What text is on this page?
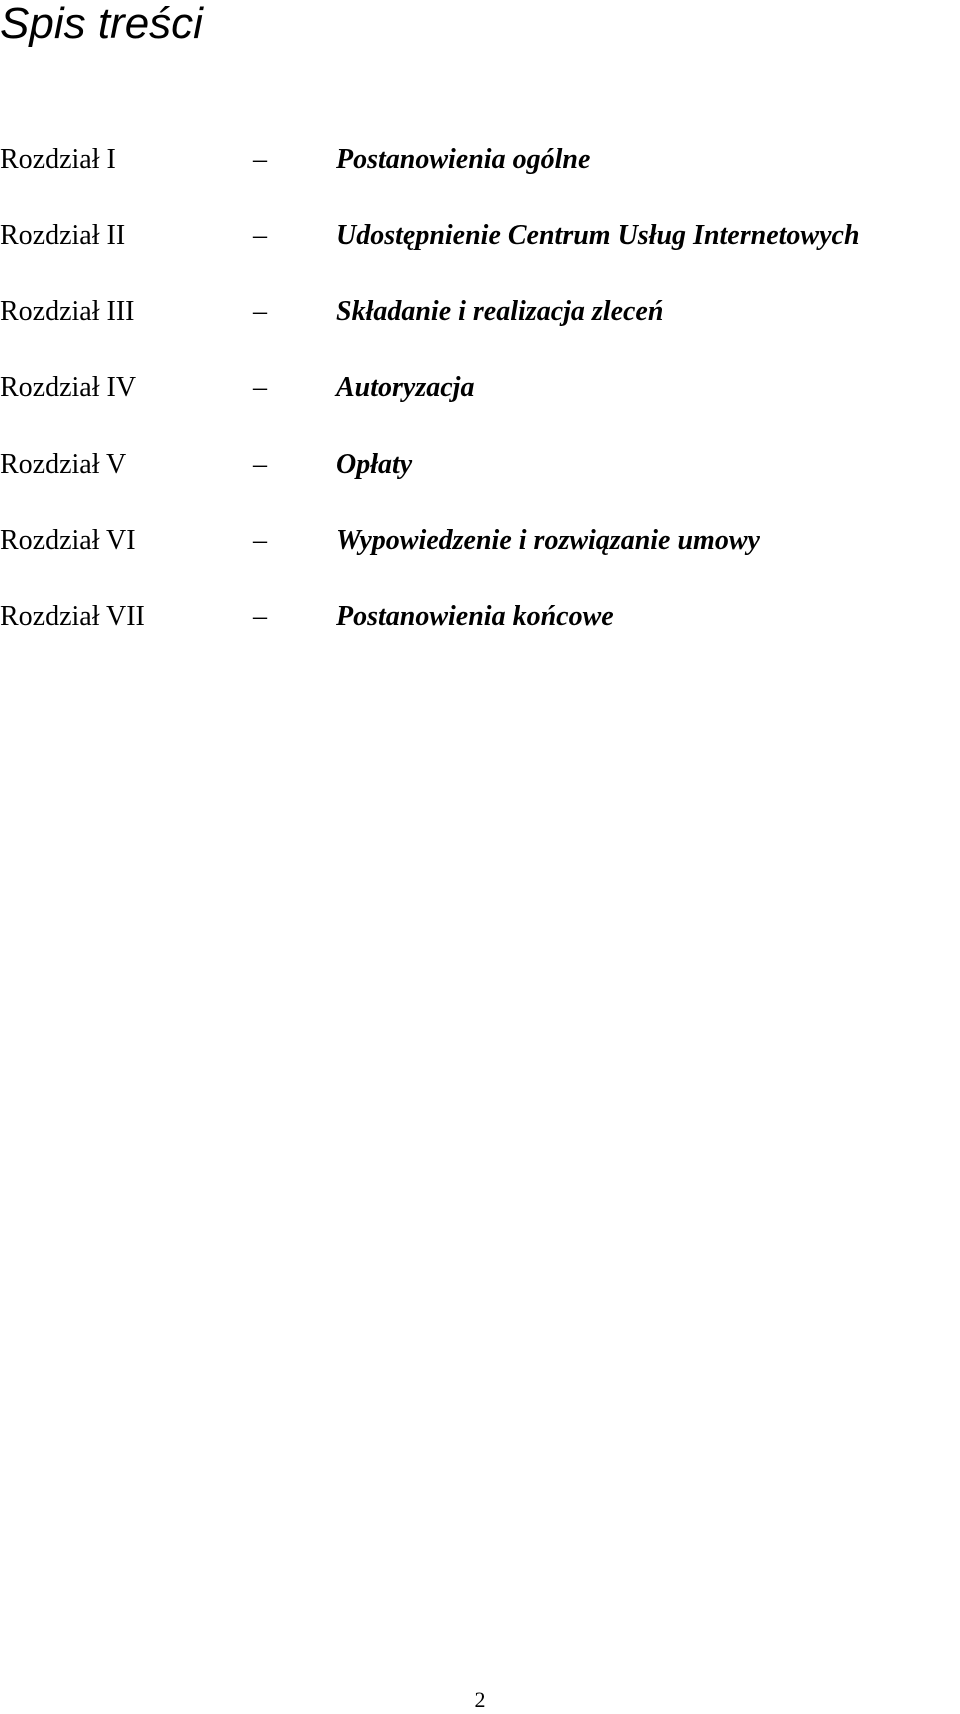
Spis treści
Rozdział I	– Postanowienia ogólne
Rozdział II	– Udostępnienie Centrum Usług Internetowych
Rozdział III	– Składanie i realizacja zleceń
Rozdział IV	– Autoryzacja
Rozdział V	– Opłaty
Rozdział VI	– Wypowiedzenie i rozwiązanie umowy
Rozdział VII	– Postanowienia końcowe
2
